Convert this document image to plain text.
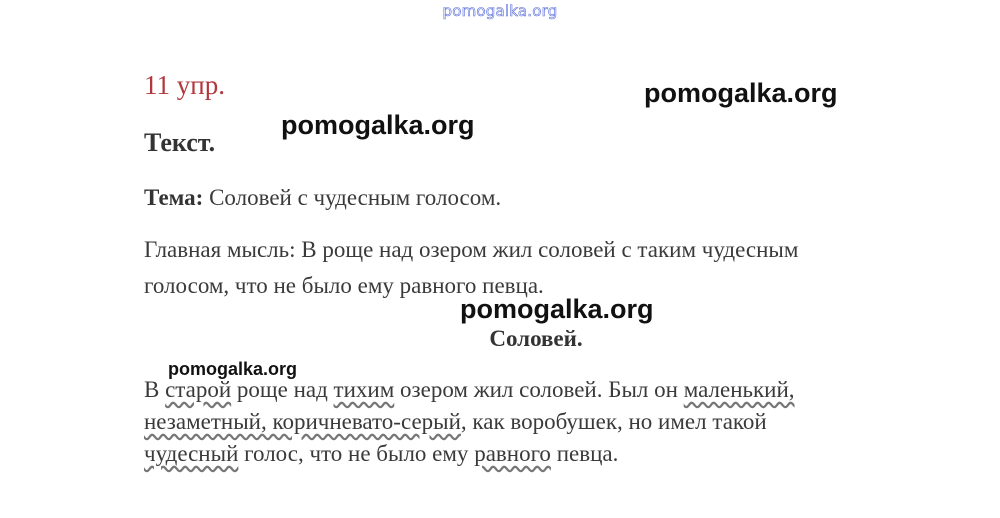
pomogalka.org
11 упр.	pomogalka.org
Текст.
pomogalka.org
Тема: Соловей с чудесным голосом.
Главная мысль: В роще над озером жил соловей с таким чудесным
голосом, что не было ему равного певца.
pomogalka.org
Соловей.
pomogalka.org
В старой роще над тихим озером жил соловей. Был он маленький,
незаметный, коричневато-серый, как воробушек, но имел такой
чудесный голос, что не было ему равного певца.
